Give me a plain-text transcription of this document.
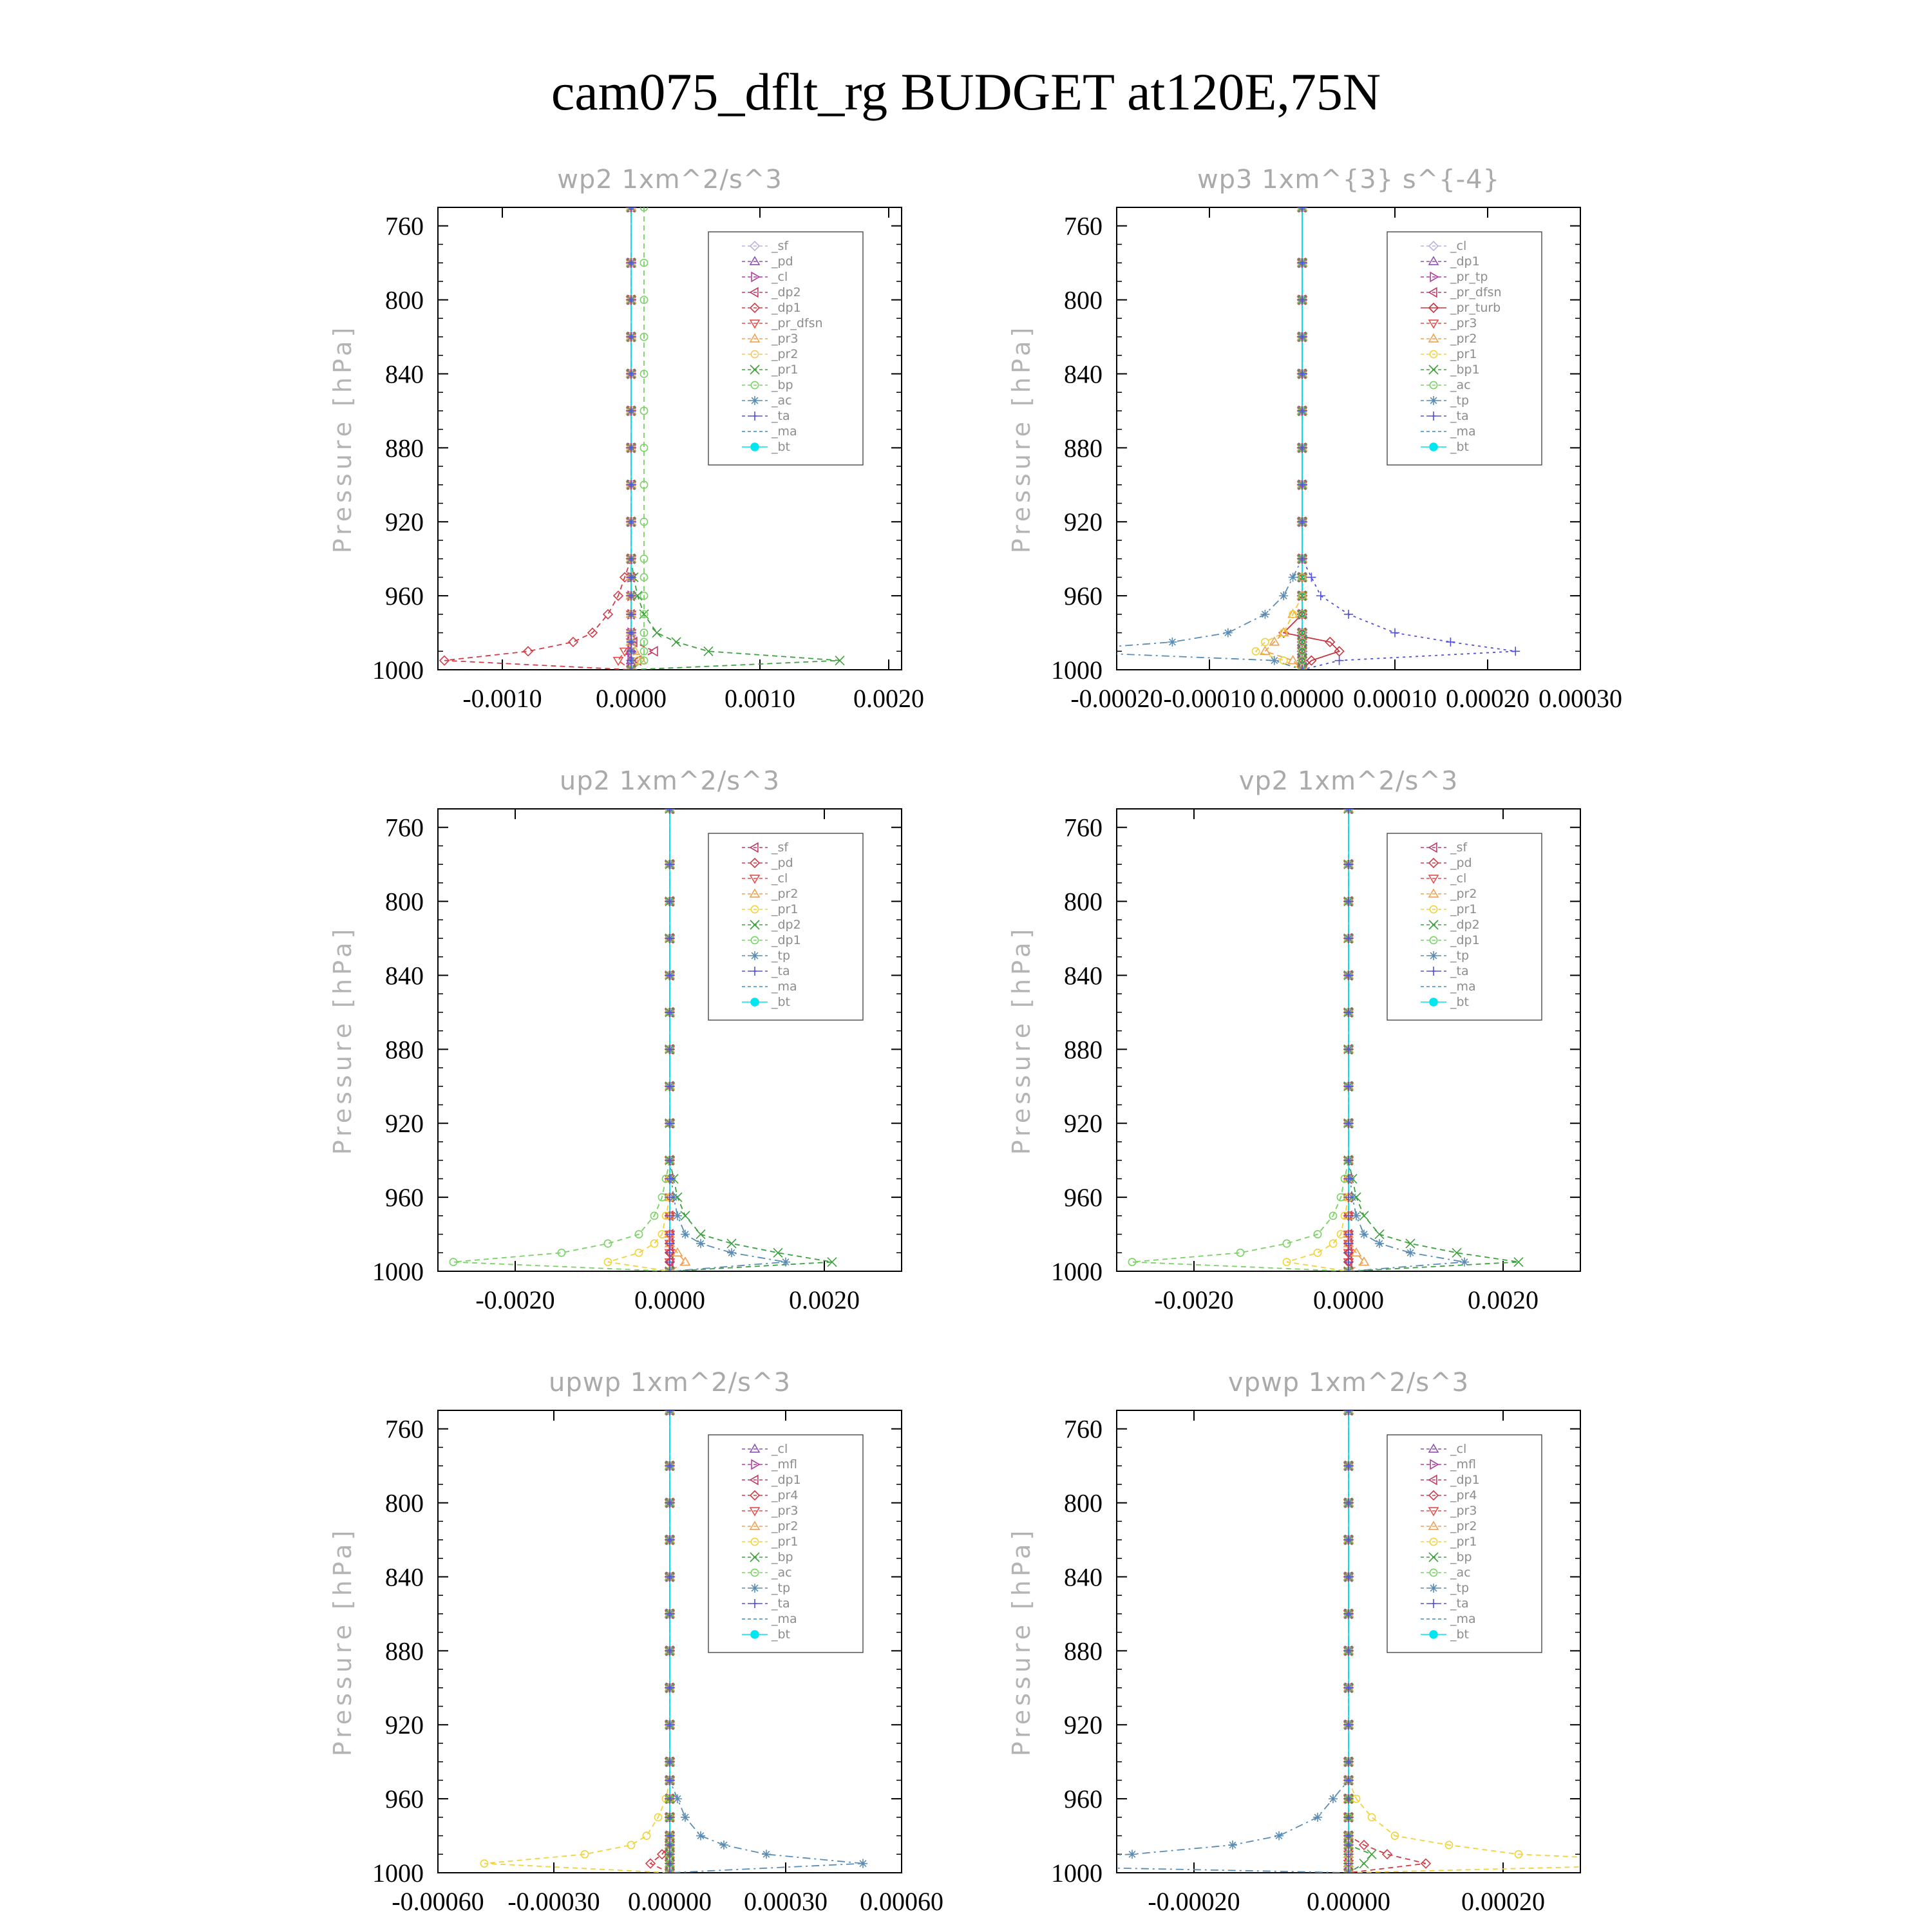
cam075_dflt_rg BUDGET at120E,75N
wp2 1xm^2/s^3
Pressure [hPa]
760
800
840
880
920
960
1000
-0.0010 0.0000 0.0010 0.0020
_sf
_pd
_cl
_dp2
_dp1
_pr_dfsn
_pr3
_pr2
_pr1
_bp
_ac
_ta
_ma
_bt
wp3 1xm^{3} s^{-4}
Pressure [hPa]
760
800
840
880
920
960
1000
-0.00020 -0.00010 0.00000 0.00010 0.00020 0.00030
_cl
_dp1
_pr_tp
_pr_dfsn
_pr_turb
_pr3
_pr2
_pr1
_bp1
_ac
_tp
_ta
_ma
_bt
up2 1xm^2/s^3
Pressure [hPa]
760
800
840
880
920
960
1000
-0.0020	0.0000	0.0020
_sf
_pd
_cl
_pr2
_pr1
_dp2
_dp1
_tp
_ta
_ma
_bt
vp2 1xm^2/s^3
Pressure [hPa]
760
800
840
880
920
960
1000
-0.0020	0.0000	0.0020
_sf
_pd
_cl
_pr2
_pr1
_dp2
_dp1
_tp
_ta
_ma
_bt
upwp 1xm^2/s^3
Pressure [hPa]
760
800
840
880
920
960
1000
-0.00060 -0.00030 0.00000 0.00030 0.00060
_cl
_mfl
_dp1
_pr4
_pr3
_pr2
_pr1
_bp
_ac
_tp
_ta
_ma
_bt
vpwp 1xm^2/s^3
Pressure [hPa]
760
800
840
880
920
960
1000
-0.00020	0.00000	0.00020
_cl
_mfl
_dp1
_pr4
_pr3
_pr2
_pr1
_bp
_ac
_tp
_ta
_ma
_bt
